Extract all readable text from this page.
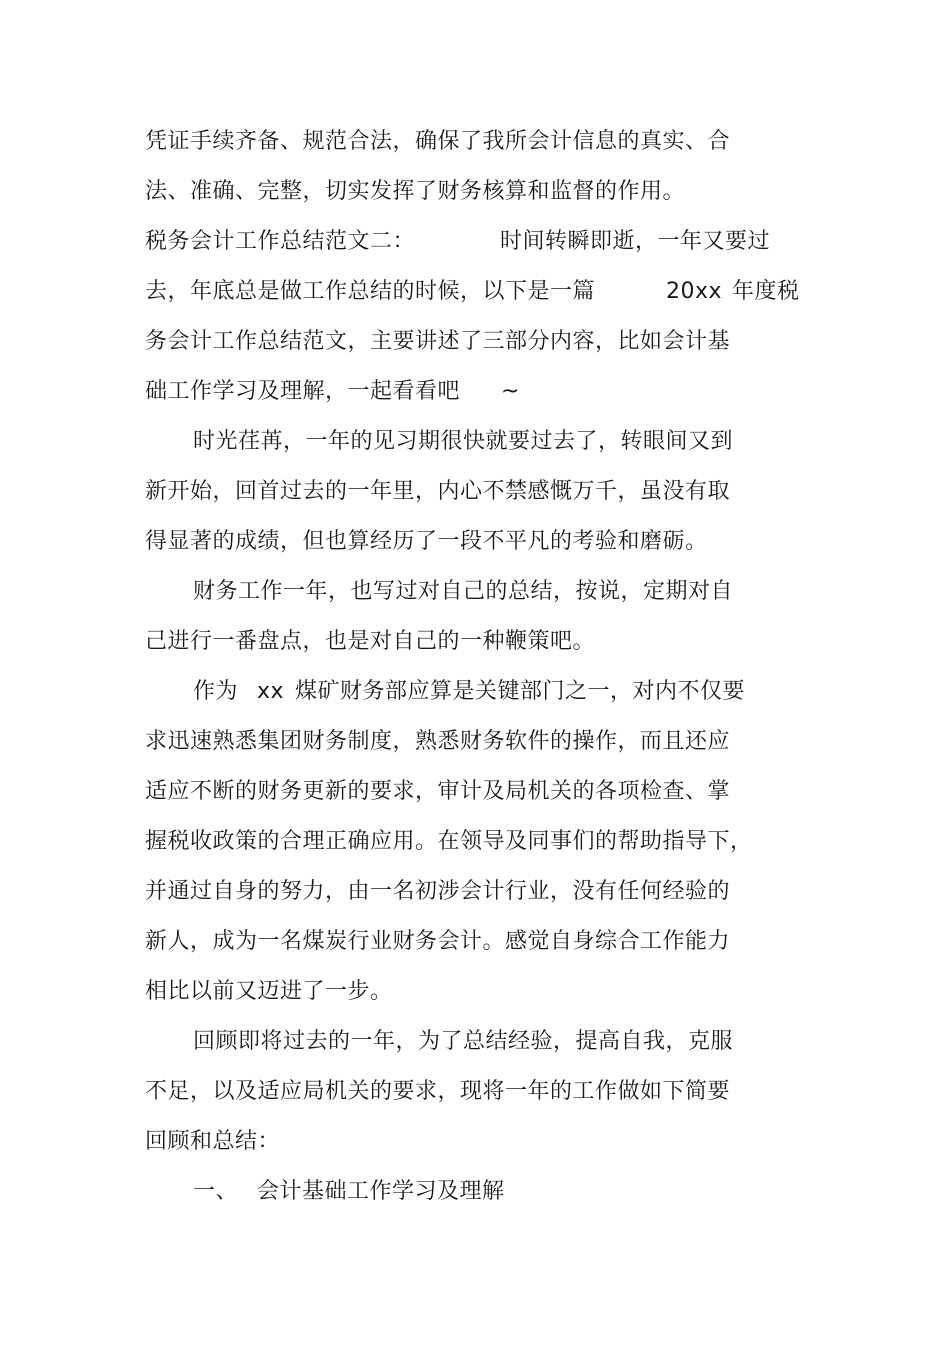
凭证手续齐备、规范合法，确保了我所会计信息的真实、合
法、准确、完整，切实发挥了财务核算和监督的作用。
税务会计工作总结范文二：	时间转瞬即逝，一年又要过
去，年底总是做工作总结的时候，以下是一篇	20xx 年度税
务会计工作总结范文，主要讲述了三部分内容，比如会计基
础工作学习及理解，一起看看吧 ~
时光荏苒，一年的见习期很快就要过去了，转眼间又到
新开始，回首过去的一年里，内心不禁感慨万千，虽没有取
得显著的成绩，但也算经历了一段不平凡的考验和磨砺。
财务工作一年，也写过对自己的总结，按说，定期对自
己进行一番盘点，也是对自己的一种鞭策吧。
作为 xx 煤矿财务部应算是关键部门之一，对内不仅要
求迅速熟悉集团财务制度，熟悉财务软件的操作，而且还应
适应不断的财务更新的要求，审计及局机关的各项检查、掌
握税收政策的合理正确应用。在领导及同事们的帮助指导下，
并通过自身的努力，由一名初涉会计行业，没有任何经验的
新人，成为一名煤炭行业财务会计。感觉自身综合工作能力
相比以前又迈进了一步。
回顾即将过去的一年，为了总结经验，提高自我，克服
不足，以及适应局机关的要求，现将一年的工作做如下简要
回顾和总结：
一、 会计基础工作学习及理解
